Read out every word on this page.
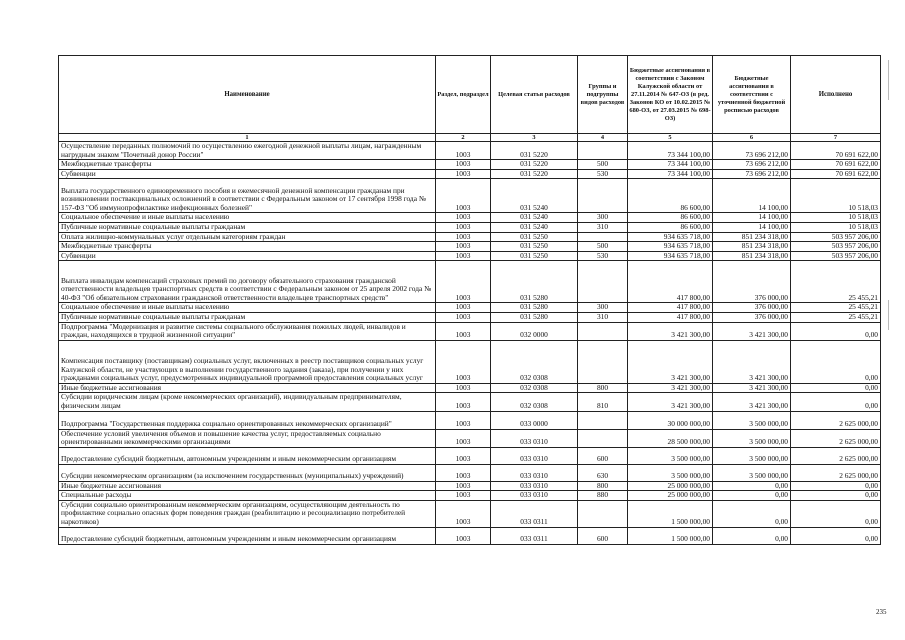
Наименование	Раздел, подраздел	Целевая статья расходов	Группы и подгруппы видов расходов	Бюджетные ассигнования в соответствии с Законом Калужской области от 27.11.2014 № 647-ОЗ (в ред. Законов КО от 10.02.2015 № 680-ОЗ, от 27.03.2015 № 698-ОЗ)	Бюджетные ассигнования в соответствии с уточненной бюджетной росписью расходов	Исполнено
1	2	3	4	5	6	7
Осуществление переданных полномочий по осуществлению ежегодной денежной выплаты лицам, награжденным нагрудным знаком "Почетный донор России"	1003	031 5220		73 344 100,00	73 696 212,00	70 691 622,00
Межбюджетные трансферты	1003	031 5220	500	73 344 100,00	73 696 212,00	70 691 622,00
Субвенции	1003	031 5220	530	73 344 100,00	73 696 212,00	70 691 622,00
Выплата государственного единовременного пособия и ежемесячной денежной компенсации гражданам при возникновении поствакцинальных осложнений в соответствии с Федеральным законом от 17 сентября 1998 года № 157-ФЗ "Об иммунопрофилактике инфекционных болезней"	1003	031 5240		86 600,00	14 100,00	10 518,03
Социальное обеспечение и иные выплаты населению	1003	031 5240	300	86 600,00	14 100,00	10 518,03
Публичные нормативные социальные выплаты гражданам	1003	031 5240	310	86 600,00	14 100,00	10 518,03
Оплата жилищно-коммунальных услуг отдельным категориям граждан	1003	031 5250		934 635 718,00	851 234 318,00	503 957 206,00
Межбюджетные трансферты	1003	031 5250	500	934 635 718,00	851 234 318,00	503 957 206,00
Субвенции	1003	031 5250	530	934 635 718,00	851 234 318,00	503 957 206,00
Выплата инвалидам компенсаций страховых премий по договору обязательного страхования гражданской ответственности владельцев транспортных средств в соответствии с Федеральным законом от 25 апреля 2002 года № 40-ФЗ "Об обязательном страховании гражданской ответственности владельцев транспортных средств"	1003	031 5280		417 800,00	376 000,00	25 455,21
Социальное обеспечение и иные выплаты населению	1003	031 5280	300	417 800,00	376 000,00	25 455,21
Публичные нормативные социальные выплаты гражданам	1003	031 5280	310	417 800,00	376 000,00	25 455,21
Подпрограмма "Модернизация и развитие системы социального обслуживания пожилых людей, инвалидов и граждан, находящихся в трудной жизненной ситуации"	1003	032 0000		3 421 300,00	3 421 300,00	0,00
Компенсация поставщику (поставщикам) социальных услуг, включенных в реестр поставщиков социальных услуг Калужской области, не участвующих в выполнении государственного задания (заказа), при получении у них гражданами социальных услуг, предусмотренных индивидуальной программой предоставления социальных услуг	1003	032 0308		3 421 300,00	3 421 300,00	0,00
Иные бюджетные ассигнования	1003	032 0308	800	3 421 300,00	3 421 300,00	0,00
Субсидии юридическим лицам (кроме некоммерческих организаций), индивидуальным предпринимателям, физическим лицам	1003	032 0308	810	3 421 300,00	3 421 300,00	0,00
Подпрограмма "Государственная поддержка социально ориентированных некоммерческих организаций"	1003	033 0000		30 000 000,00	3 500 000,00	2 625 000,00
Обеспечение условий увеличения объемов и повышение качества услуг, предоставляемых социально ориентированными некоммерческими организациями	1003	033 0310		28 500 000,00	3 500 000,00	2 625 000,00
Предоставление субсидий бюджетным, автономным учреждениям и иным некоммерческим организациям	1003	033 0310	600	3 500 000,00	3 500 000,00	2 625 000,00
Субсидии некоммерческим организациям (за исключением государственных (муниципальных) учреждений)	1003	033 0310	630	3 500 000,00	3 500 000,00	2 625 000,00
Иные бюджетные ассигнования	1003	033 0310	800	25 000 000,00	0,00	0,00
Специальные расходы	1003	033 0310	880	25 000 000,00	0,00	0,00
Субсидии социально ориентированным некоммерческим организациям, осуществляющим деятельность по профилактике социально опасных форм поведения граждан (реабилитацию и ресоциализацию потребителей наркотиков)	1003	033 0311		1 500 000,00	0,00	0,00
Предоставление субсидий бюджетным, автономным учреждениям и иным некоммерческим организациям	1003	033 0311	600	1 500 000,00	0,00	0,00
235
